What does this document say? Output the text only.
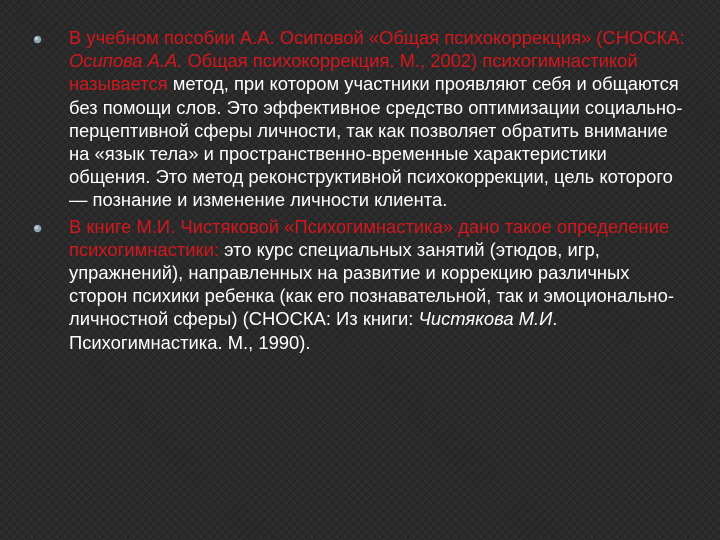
В учебном пособии А.А. Осиповой «Общая психокоррекция» (СНОСКА: Осипова А.А. Общая психокоррекция. М., 2002) психогимнастикой называется метод, при котором участники проявляют себя и общаются без помощи слов. Это эффективное средство оптимизации социально-перцептивной сферы личности, так как позволяет обратить внимание на «язык тела» и пространственно-временные характеристики общения. Это метод реконструктивной психокоррекции, цель которого — познание и изменение личности клиента.
В книге М.И. Чистяковой «Психогимнастика» дано такое определение психогимнастики: это курс специальных занятий (этюдов, игр, упражнений), направленных на развитие и коррекцию различных сторон психики ребенка (как его познавательной, так и эмоционально-личностной сферы) (СНОСКА: Из книги: Чистякова М.И. Психогимнастика. М., 1990).
